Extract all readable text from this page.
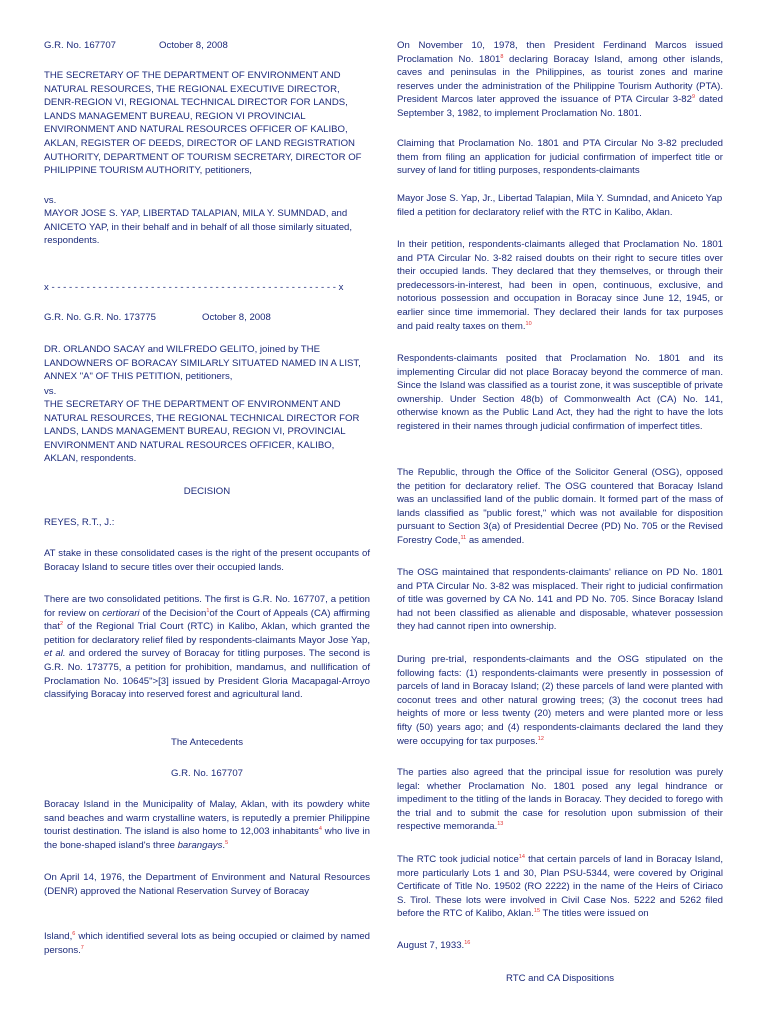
G.R. No. 167707	October 8, 2008

THE SECRETARY OF THE DEPARTMENT OF ENVIRONMENT AND NATURAL RESOURCES, THE REGIONAL EXECUTIVE DIRECTOR, DENR-REGION VI, REGIONAL TECHNICAL DIRECTOR FOR LANDS, LANDS MANAGEMENT BUREAU, REGION VI PROVINCIAL ENVIRONMENT AND NATURAL RESOURCES OFFICER OF KALIBO, AKLAN, REGISTER OF DEEDS, DIRECTOR OF LAND REGISTRATION AUTHORITY, DEPARTMENT OF TOURISM SECRETARY, DIRECTOR OF PHILIPPINE TOURISM AUTHORITY, petitioners,

vs.

MAYOR JOSE S. YAP, LIBERTAD TALAPIAN, MILA Y. SUMNDAD, and ANICETO YAP, in their behalf and in behalf of all those similarly situated, respondents.

x - - - - - - - - - - - - - - - - - - - - - - - - - - - - - - - - - - - - - - - - - - - - - - - - - x
G.R. No. G.R. No. 173775	October 8, 2008

DR. ORLANDO SACAY and WILFREDO GELITO, joined by THE LANDOWNERS OF BORACAY SIMILARLY SITUATED NAMED IN A LIST, ANNEX "A" OF THIS PETITION, petitioners,

vs.

THE SECRETARY OF THE DEPARTMENT OF ENVIRONMENT AND NATURAL RESOURCES, THE REGIONAL TECHNICAL DIRECTOR FOR LANDS, LANDS MANAGEMENT BUREAU, REGION VI, PROVINCIAL ENVIRONMENT AND NATURAL RESOURCES OFFICER, KALIBO, AKLAN, respondents.

DECISION

REYES, R.T., J.:

AT stake in these consolidated cases is the right of the present occupants of Boracay Island to secure titles over their occupied lands.

There are two consolidated petitions. The first is G.R. No. 167707, a petition for review on certiorari of the Decision$^1$of the Court of Appeals (CA) affirming that$^2$ of the Regional Trial Court (RTC) in Kalibo, Aklan, which granted the petition for declaratory relief filed by respondents-claimants Mayor Jose Yap, et al. and ordered the survey of Boracay for titling purposes. The second is G.R. No. 173775, a petition for prohibition, mandamus, and nullification of Proclamation No. 10645">[3] issued by President Gloria Macapagal-Arroyo classifying Boracay into reserved forest and agricultural land.

The Antecedents

G.R. No. 167707

Boracay Island in the Municipality of Malay, Aklan, with its powdery white sand beaches and warm crystalline waters, is reputedly a premier Philippine tourist destination. The island is also home to 12,003 inhabitants$^4$ who live in the bone-shaped island's three barangays.$^5$

On April 14, 1976, the Department of Environment and Natural Resources (DENR) approved the National Reservation Survey of Boracay

Island,$^6$ which identified several lots as being occupied or claimed by named persons.$^7$

On November 10, 1978, then President Ferdinand Marcos issued Proclamation No. 1801$^8$ declaring Boracay Island, among other islands, caves and peninsulas in the Philippines, as tourist zones and marine reserves under the administration of the Philippine Tourism Authority (PTA). President Marcos later approved the issuance of PTA Circular $3-82^9$ dated September 3, 1982, to implement Proclamation No. 1801.

Claiming that Proclamation No. 1801 and PTA Circular No 3-82 precluded them from filing an application for judicial confirmation of imperfect title or survey of land for titling purposes, respondents-claimants

Mayor Jose S. Yap, Jr., Libertad Talapian, Mila Y. Sumndad, and Aniceto Yap filed a petition for declaratory relief with the RTC in Kalibo, Aklan.

In their petition, respondents-claimants alleged that Proclamation No. 1801 and PTA Circular No. 3-82 raised doubts on their right to secure titles over their occupied lands. They declared that they themselves, or through their predecessors-in-interest, had been in open, continuous, exclusive, and notorious possession and occupation in Boracay since June 12, 1945, or earlier since time immemorial. They declared their lands for tax purposes and paid realty taxes on them.$^{10}$

Respondents-claimants posited that Proclamation No. 1801 and its implementing Circular did not place Boracay beyond the commerce of man. Since the Island was classified as a tourist zone, it was susceptible of private ownership. Under Section 48(b) of Commonwealth Act (CA) No. 141, otherwise known as the Public Land Act, they had the right to have the lots registered in their names through judicial confirmation of imperfect titles.

The Republic, through the Office of the Solicitor General (OSG), opposed the petition for declaratory relief. The OSG countered that Boracay Island was an unclassified land of the public domain. It formed part of the mass of lands classified as "public forest," which was not available for disposition pursuant to Section 3(a) of Presidential Decree (PD) No. 705 or the Revised Forestry Code,$^{11}$ as amended.

The OSG maintained that respondents-claimants' reliance on PD No. 1801 and PTA Circular No. 3-82 was misplaced. Their right to judicial confirmation of title was governed by CA No. 141 and PD No. 705. Since Boracay Island had not been classified as alienable and disposable, whatever possession they had cannot ripen into ownership.

During pre-trial, respondents-claimants and the OSG stipulated on the following facts: (1) respondents-claimants were presently in possession of parcels of land in Boracay Island; (2) these parcels of land were planted with coconut trees and other natural growing trees; (3) the coconut trees had heights of more or less twenty (20) meters and were planted more or less fifty (50) years ago; and (4) respondents-claimants declared the land they were occupying for tax purposes.$^{12}$

The parties also agreed that the principal issue for resolution was purely legal: whether Proclamation No. 1801 posed any legal hindrance or impediment to the titling of the lands in Boracay. They decided to forego with the trial and to submit the case for resolution upon submission of their respective memoranda.$^{13}$

The RTC took judicial notice$^{14}$ that certain parcels of land in Boracay Island, more particularly Lots 1 and 30, Plan PSU-5344, were covered by Original Certificate of Title No. 19502 (RO 2222) in the name of the Heirs of Ciriaco S. Tirol. These lots were involved in Civil Case Nos. 5222 and 5262 filed before the RTC of Kalibo, Aklan.$^{15}$ The titles were issued on

August 7, 1933.16

RTC and CA Dispositions
